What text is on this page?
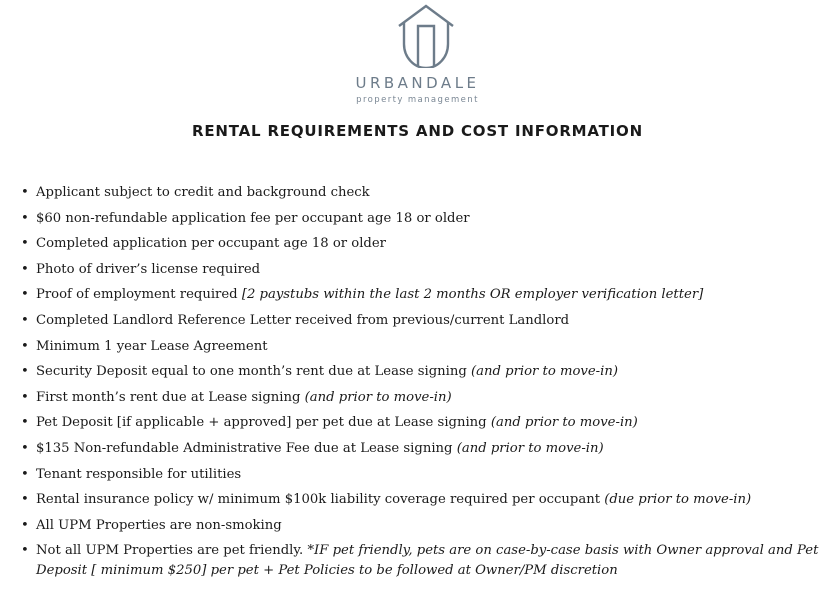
URBANDALE
property management
RENTAL REQUIREMENTS AND COST INFORMATION
• Applicant subject to credit and background check
• $60 non-refundable application fee per occupant age 18 or older
• Completed application per occupant age 18 or older
• Photo of driver’s license required
• Proof of employment required [2 paystubs within the last 2 months OR employer verification letter]
• Completed Landlord Reference Letter received from previous/current Landlord
• Minimum 1 year Lease Agreement
• Security Deposit equal to one month’s rent due at Lease signing (and prior to move-in)
• First month’s rent due at Lease signing (and prior to move-in)
• Pet Deposit [if applicable + approved] per pet due at Lease signing (and prior to move-in)
• $135 Non-refundable Administrative Fee due at Lease signing (and prior to move-in)
• Tenant responsible for utilities
• Rental insurance policy w/ minimum $100k liability coverage required per occupant (due prior to move-in)
• All UPM Properties are non-smoking
• Not all UPM Properties are pet friendly. *IF pet friendly, pets are on case-by-case basis with Owner approval and Pet Deposit [ minimum $250] per pet + Pet Policies to be followed at Owner/PM discretion
